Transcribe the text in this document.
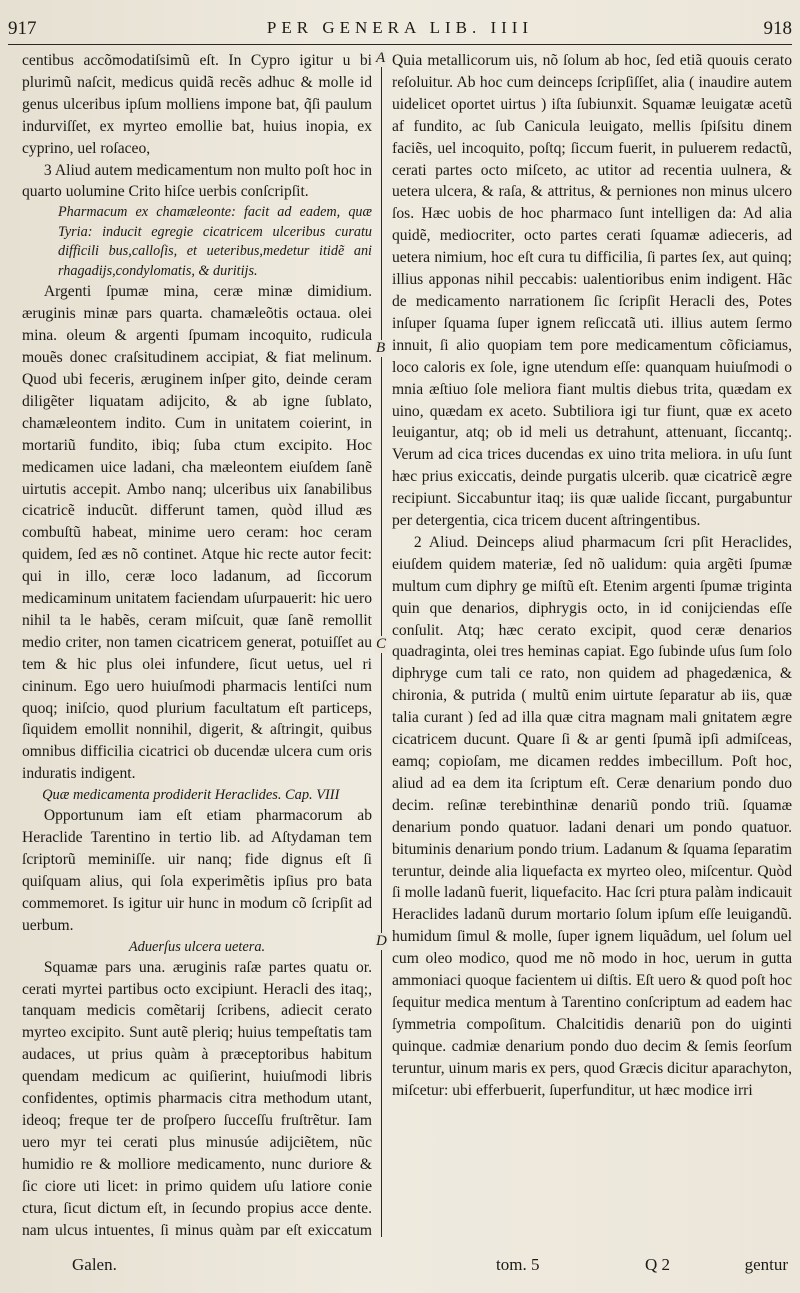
917	PER GENERA LIB. IIII	918
A
B
C
D

centibus accõmodatiſsimũ eſt. In Cypro igitur u bi plurimũ naſcit, medicus quidã recẽs adhuc & molle id genus ulceribus ipſum molliens impone bat, q̃ſi paulum indurviſſet, ex myrteo emollie bat, huius inopia, ex cyprino, uel roſaceo,

3 Aliud autem medicamentum non multo poſt hoc in quarto uolumine Crito hiſce uerbis conſcripſit.

Pharmacum ex chamæleonte: facit ad eadem, quæ Tyria: inducit egregie cicatricem ulceribus curatu difficili bus,calloſis, et ueteribus,medetur itidẽ ani rhagadijs,condylomatis, & duritijs.

Argenti ſpumæ mina, ceræ minæ dimidium. æruginis minæ pars quarta. chamæleõtis octaua. olei mina. oleum & argenti ſpumam incoquito, rudicula mouẽs donec craſsitudinem accipiat, & fiat melinum. Quod ubi feceris, æruginem inſper gito, deinde ceram diligẽter liquatam adijcito, & ab igne ſublato, chamæleontem indito. Cum in unitatem coierint, in mortariũ fundito, ibiq; ſuba ctum excipito. Hoc medicamen uice ladani, cha mæleontem eiuſdem ſanẽ uirtutis accepit. Ambo nanq; ulceribus uix ſanabilibus cicatricẽ inducũt. differunt tamen, quòd illud æs combuſtũ habeat, minime uero ceram: hoc ceram quidem, ſed æs nõ continet. Atque hic recte autor fecit: qui in illo, ceræ loco ladanum, ad ſiccorum medicaminum unitatem faciendam uſurpauerit: hic uero nihil ta le habẽs, ceram miſcuit, quæ ſanẽ remollit medio criter, non tamen cicatricem generat, potuiſſet au tem & hic plus olei infundere, ſicut uetus, uel ri cininum. Ego uero huiuſmodi pharmacis lentiſci num quoq; iniſcio, quod plurium facultatum eſt particeps, ſiquidem emollit nonnihil, digerit, & aſtringit, quibus omnibus difficilia cicatrici ob ducendæ ulcera cum oris induratis indigent.

Quæ medicamenta prodiderit Heraclides. Cap. VIII

Opportunum iam eſt etiam pharmacorum ab Heraclide Tarentino in tertio lib. ad Aſtydaman tem ſcriptorũ meminiſſe. uir nanq; fide dignus eſt ſi quiſquam alius, qui ſola experimẽtis ipſius pro bata commemoret. Is igitur uir hunc in modum cõ ſcripſit ad uerbum.

Aduerſus ulcera uetera.

Squamæ pars una. æruginis raſæ partes quatu or. cerati myrtei partibus octo excipiunt. Heracli des itaq;, tanquam medicis comẽtarij ſcribens, adiecit cerato myrteo excipito. Sunt autẽ pleriq; huius tempeſtatis tam audaces, ut prius quàm à præceptoribus habitum quendam medicum ac quiſierint, huiuſmodi libris confidentes, optimis pharmacis citra methodum utant, ideoq; freque ter de proſpero ſucceſſu fruſtrẽtur. Iam uero myr tei cerati plus minusúe adijciẽtem, nũc humidio re & molliore medicamento, nunc duriore & ſic ciore uti licet: in primo quidem uſu latiore conie ctura, ſicut dictum eſt, in ſecundo propius acce dente. nam ulcus intuentes, ſi minus quàm par eſt exiccatum

Quia metallicorum uis, nõ ſolum ab hoc, ſed etiã quouis cerato reſoluitur. Ab hoc cum deinceps ſcripſiſſet, alia ( inaudire autem uidelicet oportet uirtus ) iſta ſubiunxit. Squamæ leuigatæ acetũ af fundito, ac ſub Canicula leuigato, mellis ſpiſsitu dinem faciẽs, uel incoquito, poſtq; ſiccum fuerit, in puluerem redactũ, cerati partes octo miſceto, ac utitor ad recentia uulnera, & uetera ulcera, & raſa, & attritus, & perniones non minus ulcero ſos. Hæc uobis de hoc pharmaco ſunt intelligen da: Ad alia quidẽ, mediocriter, octo partes cerati ſquamæ adieceris, ad uetera nimium, hoc eſt cura tu difficilia, ſi partes ſex, aut quinq; illius apponas nihil peccabis: ualentioribus enim indigent. Hãc de medicamento narrationem ſic ſcripſit Heracli des, Potes inſuper ſquama ſuper ignem reſiccatã uti. illius autem ſermo innuit, ſi alio quopiam tem pore medicamentum cõficiamus, loco caloris ex ſole, igne utendum eſſe: quanquam huiuſmodi o mnia æſtiuo ſole meliora fiant multis diebus trita, quædam ex uino, quædam ex aceto. Subtiliora igi tur fiunt, quæ ex aceto leuigantur, atq; ob id meli us detrahunt, attenuant, ſiccantq;. Verum ad cica trices ducendas ex uino trita meliora. in uſu ſunt hæc prius exiccatis, deinde purgatis ulcerib. quæ cicatricẽ ægre recipiunt. Siccabuntur itaq; iis quæ ualide ſiccant, purgabuntur per detergentia, cica tricem ducent aſtringentibus.

2 Aliud. Deinceps aliud pharmacum ſcri pſit Heraclides, eiuſdem quidem materiæ, ſed nõ ualidum: quia argẽti ſpumæ multum cum diphry ge miſtũ eſt. Etenim argenti ſpumæ triginta quin que denarios, diphrygis octo, in id conijciendas eſſe conſulit. Atq; hæc cerato excipit, quod ceræ denarios quadraginta, olei tres heminas capiat. Ego ſubinde uſus ſum ſolo diphryge cum tali ce rato, non quidem ad phagedænica, & chironia, & putrida ( multũ enim uirtute ſeparatur ab iis, quæ talia curant ) ſed ad illa quæ citra magnam mali gnitatem ægre cicatricem ducunt. Quare ſi & ar genti ſpumã ipſi admiſceas, eamq; copioſam, me dicamen reddes imbecillum. Poſt hoc, aliud ad ea dem ita ſcriptum eſt. Ceræ denarium pondo duo decim. reſinæ terebinthinæ denariũ pondo triũ. ſquamæ denarium pondo quatuor. ladani denari um pondo quatuor. bituminis denarium pondo trium. Ladanum & ſquama ſeparatim teruntur, deinde alia liquefacta ex myrteo oleo, miſcentur. Quòd ſi molle ladanũ fuerit, liquefacito. Hac ſcri ptura palàm indicauit Heraclides ladanũ durum mortario ſolum ipſum eſſe leuigandũ. humidum ſimul & molle, ſuper ignem liquãdum, uel ſolum uel cum oleo modico, quod me nõ modo in hoc, uerum in gutta ammoniaci quoque facientem ui diſtis. Eſt uero & quod poſt hoc ſequitur medica mentum à Tarentino conſcriptum ad eadem hac ſymmetria compoſitum. Chalcitidis denariũ pon do uiginti quinque. cadmiæ denarium pondo duo decim & ſemis ſeorſum teruntur, uinum maris ex pers, quod Græcis dicitur aparachyton, miſcetur: ubi efferbuerit, ſuperfunditur, ut hæc modice irri

Galen.	tom. 5	Q 2	gentur
